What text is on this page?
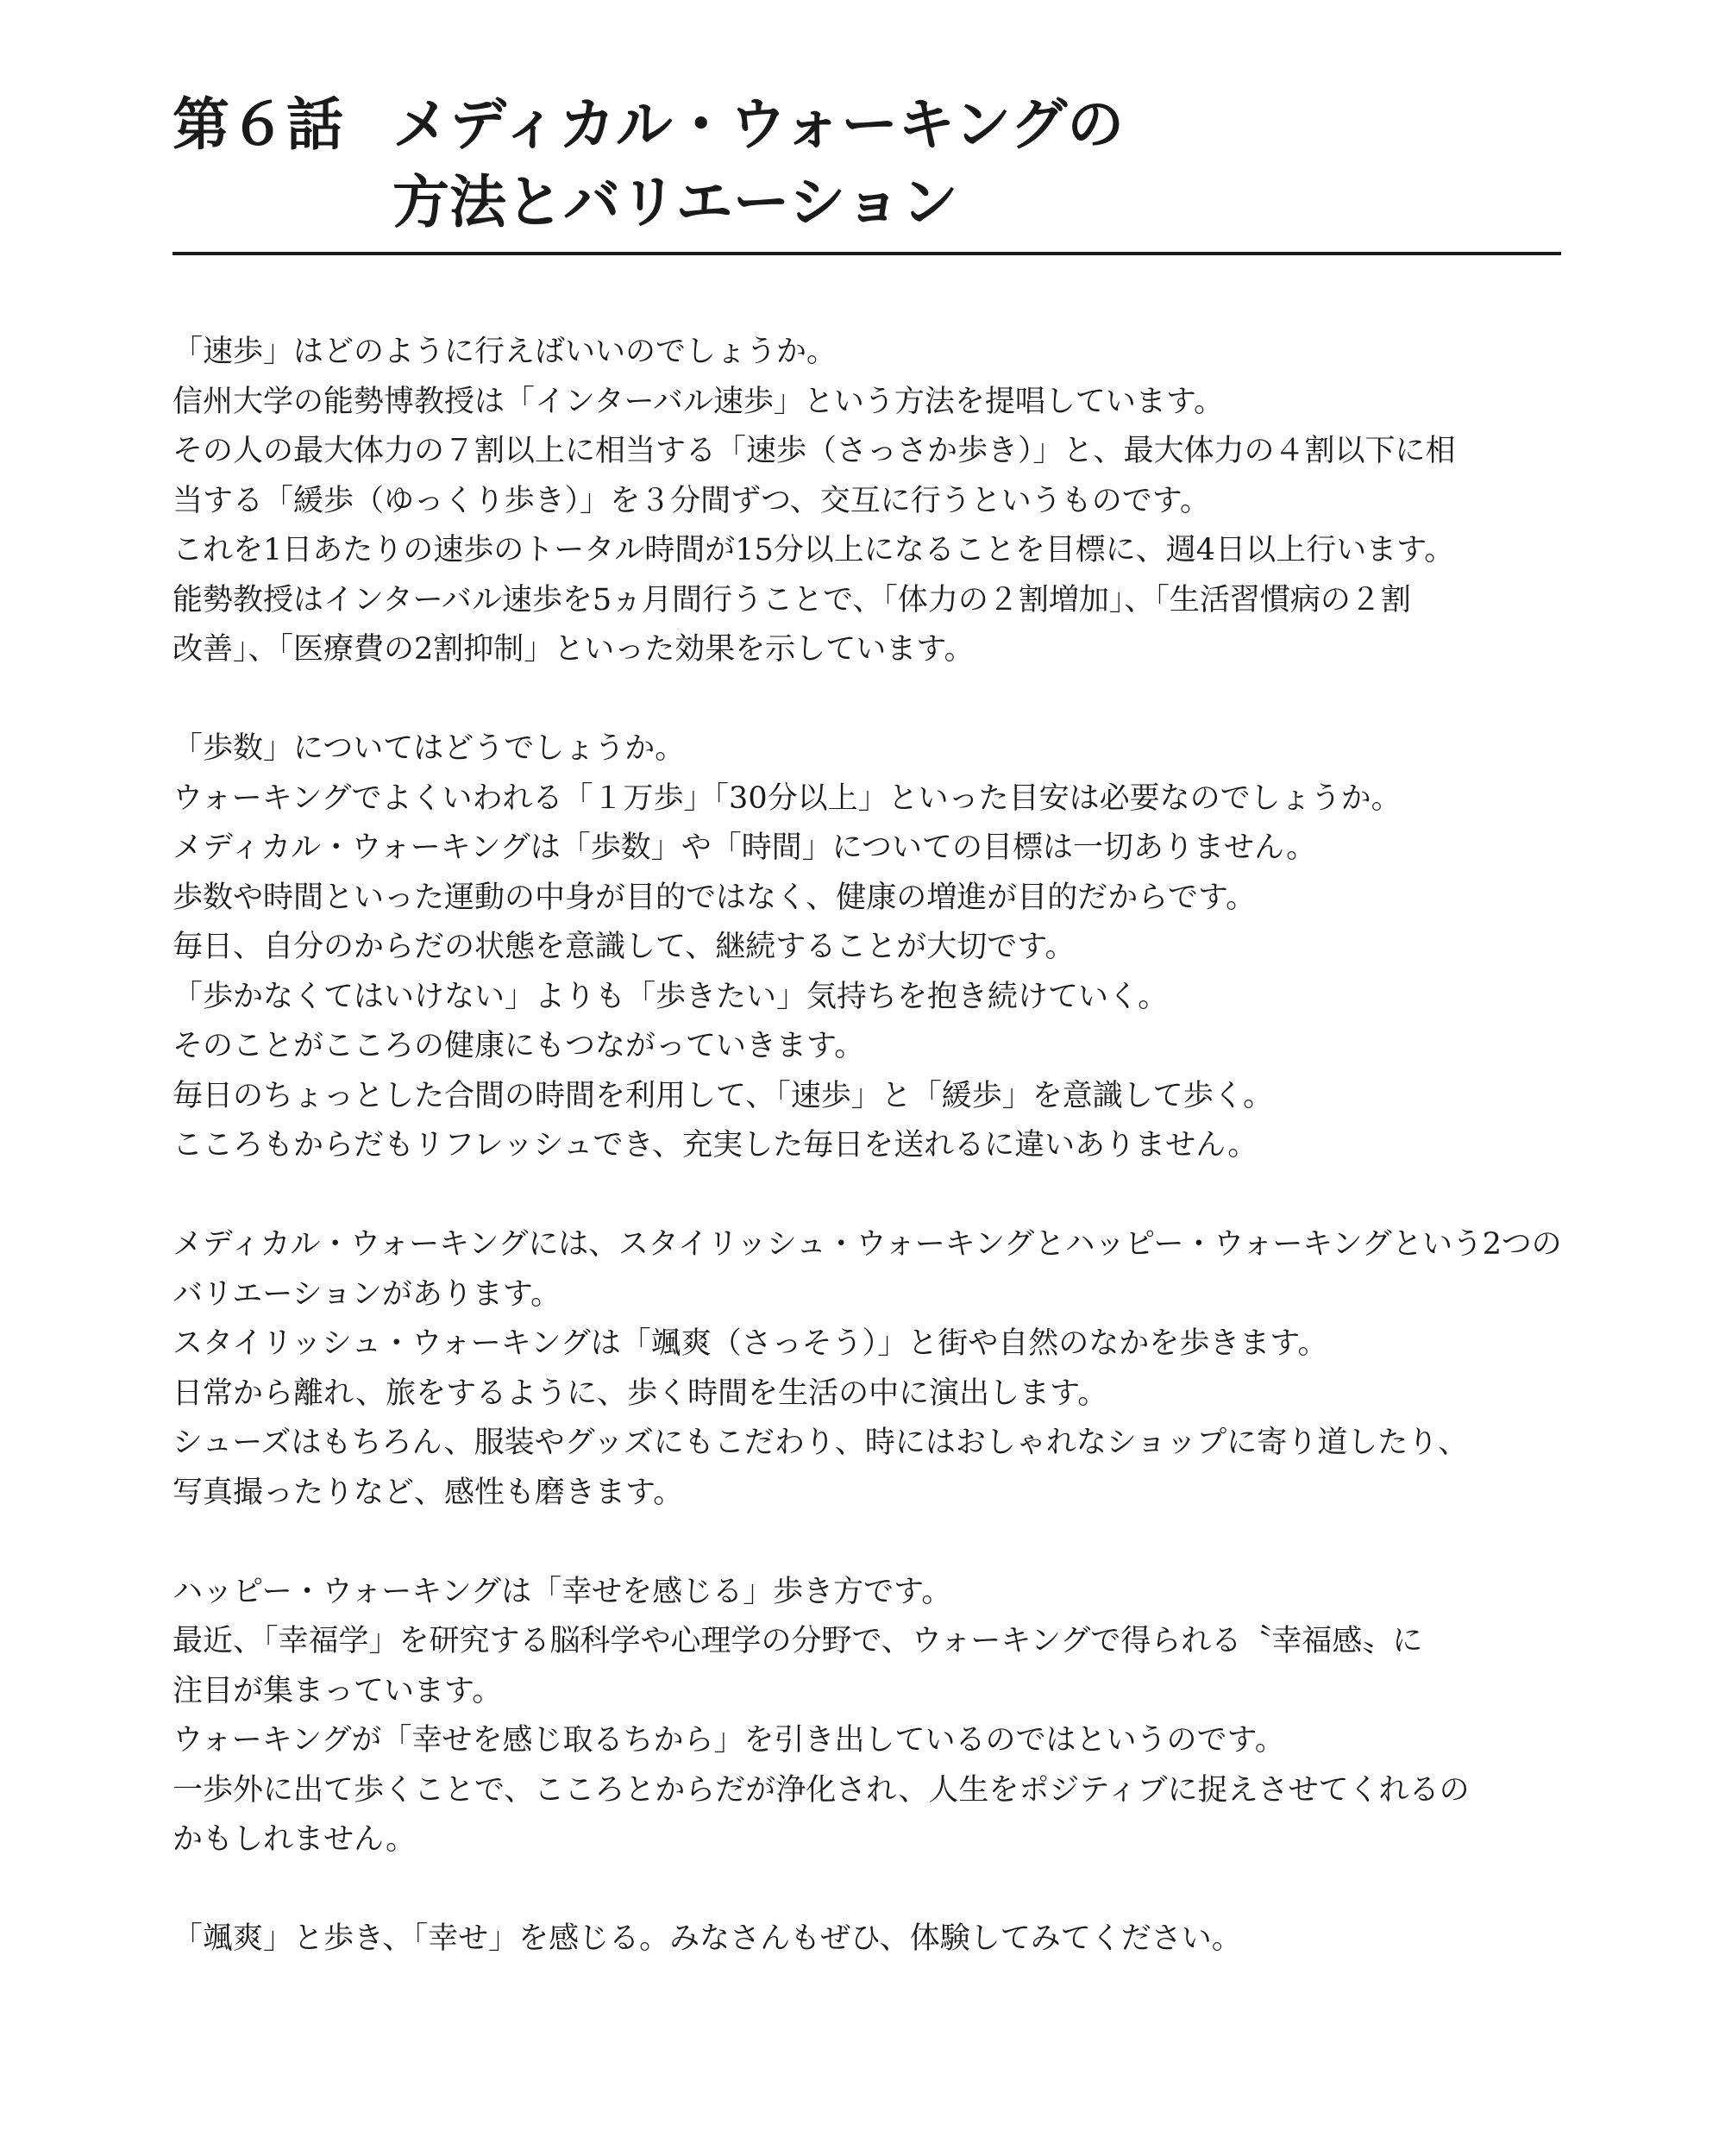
第６話 メディカル・ウォーキングの
方法とバリエーション
「速歩」はどのように行えばいいのでしょうか。
信州大学の能勢博教授は「インターバル速歩」という方法を提唱しています。
その人の最大体力の７割以上に相当する「速歩（さっさか歩き）」と、最大体力の４割以下に相
当する「緩歩（ゆっくり歩き）」を３分間ずつ、交互に行うというものです。
これを1日あたりの速歩のトータル時間が15分以上になることを目標に、週4日以上行います。
能勢教授はインターバル速歩を5ヵ月間行うことで、「体力の２割増加」、「生活習慣病の２割
改善」、「医療費の2割抑制」といった効果を示しています。
「歩数」についてはどうでしょうか。
ウォーキングでよくいわれる「１万歩」「30分以上」といった目安は必要なのでしょうか。
メディカル・ウォーキングは「歩数」や「時間」についての目標は一切ありません。
歩数や時間といった運動の中身が目的ではなく、健康の増進が目的だからです。
毎日、自分のからだの状態を意識して、継続することが大切です。
「歩かなくてはいけない」よりも「歩きたい」気持ちを抱き続けていく。
そのことがこころの健康にもつながっていきます。
毎日のちょっとした合間の時間を利用して、「速歩」と「緩歩」を意識して歩く。
こころもからだもリフレッシュでき、充実した毎日を送れるに違いありません。
メディカル・ウォーキングには、スタイリッシュ・ウォーキングとハッピー・ウォーキングという2つの
バリエーションがあります。
スタイリッシュ・ウォーキングは「颯爽（さっそう）」と街や自然のなかを歩きます。
日常から離れ、旅をするように、歩く時間を生活の中に演出します。
シューズはもちろん、服装やグッズにもこだわり、時にはおしゃれなショップに寄り道したり、
写真撮ったりなど、感性も磨きます。
ハッピー・ウォーキングは「幸せを感じる」歩き方です。
最近、「幸福学」を研究する脳科学や心理学の分野で、ウォーキングで得られる〝幸福感〟に
注目が集まっています。
ウォーキングが「幸せを感じ取るちから」を引き出しているのではというのです。
一歩外に出て歩くことで、こころとからだが浄化され、人生をポジティブに捉えさせてくれるの
かもしれません。
「颯爽」と歩き、「幸せ」を感じる。みなさんもぜひ、体験してみてください。
